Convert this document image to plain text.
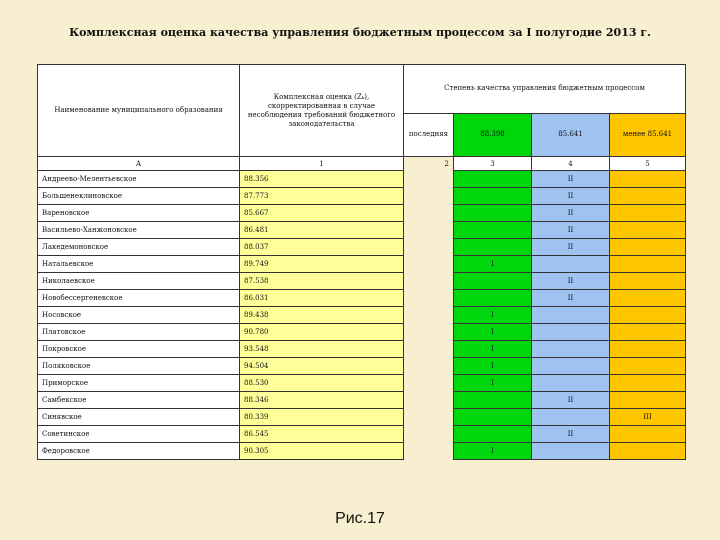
Комплексная оценка качества управления бюджетным процессом за I полугодие 2013 г.
Наименование муниципального образования	Комплексная оценка (Zₖ), скорректированная в случае несоблюдения требований бюджетного законодательства	Степень качества управления бюджетным процессом			
		последняя	88.398	85.641	менее 85.641
А	1	2	3	4	5
Андреево-Мелентьевское	88.356			II	
Большенеклиновское	87.773			II	
Вареновское	85.667			II	
Васильево-Ханжоновское	86.481			II	
Лакедемоновское	88.037			II	
Натальевское	89.749		I		
Николаевское	87.538			II	
Новобессергеневское	86.031			II	
Носовское	89.438		I		
Платовское	90.780		I		
Покровское	93.548		I		
Поляковское	94.504		I		
Приморское	88.530		I		
Самбекское	88.346			II	
Синявское	80.339				III
Советинское	86.545			II	
Федоровское	90.305		I		
Рис.17
